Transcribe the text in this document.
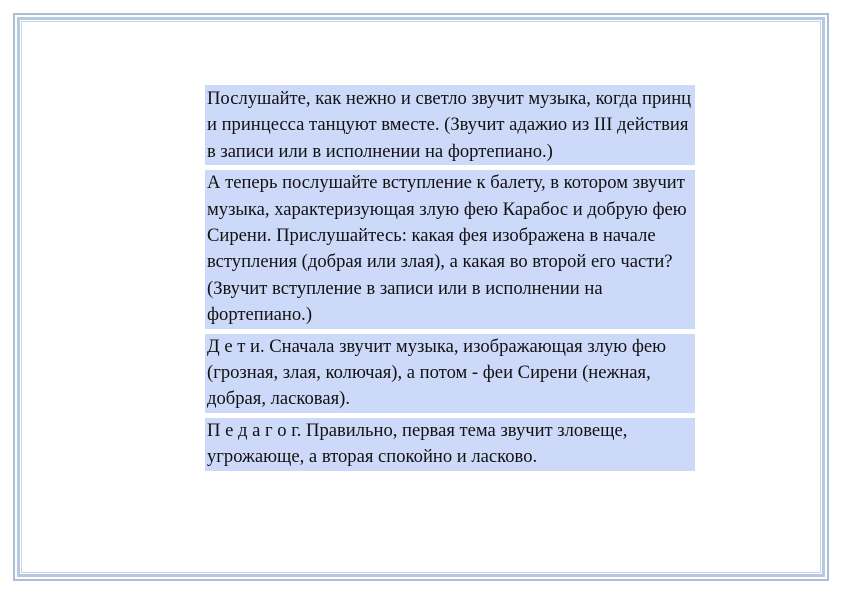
Послушайте, как нежно и светло звучит музыка, когда принц и принцесса танцуют вместе. (Звучит адажио из III действия в записи или в исполнении на фортепиано.)

А теперь послушайте вступление к балету, в котором звучит музыка, характеризующая злую фею Карабос и добрую фею Сирени. Прислушайтесь: какая фея изображена в начале вступления (добрая или злая), а какая во второй его части? (Звучит вступление в записи или в исполнении на фортепиано.)

Д е т и. Сначала звучит музыка, изображающая злую фею (грозная, злая, колючая), а потом - феи Сирени (нежная, добрая, ласковая).

П е д а г о г. Правильно, первая тема звучит зловеще, угрожающе, а вторая спокойно и ласково.
